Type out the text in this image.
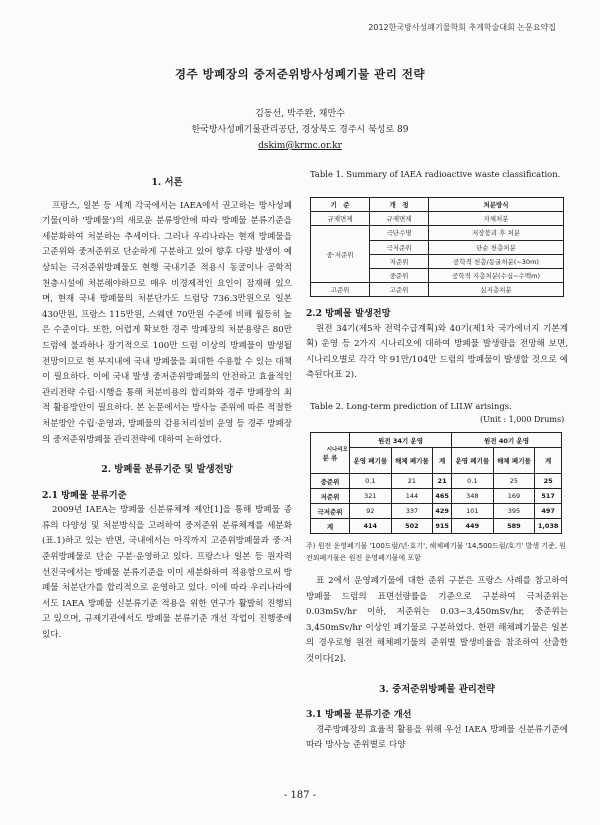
2012한국방사성폐기물학회 추계학술대회 논문요약집
경주 방폐장의 중저준위방사성폐기물 관리 전략
김동선, 박주완, 채만수
한국방사성폐기물관리공단, 경상북도 경주시 북성로 89
dskim@krmc.or.kr
1. 서론

프랑스, 일본 등 세계 각국에서는 IAEA에서 권고하는 방사성폐기물(이하 '방폐물')의 새로운 분류방안에 따라 방폐물 분류기준을 세분화하여 처분하는 추세이다. 그러나 우리나라는 현재 방폐물을 고준위와 중저준위로 단순하게 구분하고 있어 향후 다량 발생이 예상되는 극저준위방폐물도 현행 국내기준 적용시 동굴이나 공학적 천층시설에 처분해야하므로 매우 비경제적인 요인이 잠재해 있으며, 현재 국내 방폐물의 처분단가도 드럼당 736.3만원으로 일본 430만원, 프랑스 115만원, 스웨덴 70만원 수준에 비해 월등히 높은 수준이다. 또한, 어렵게 확보한 경주 방폐장의 처분용량은 80만 드럼에 불과하나 장기적으로 100만 드럼 이상의 방폐물이 발생될 전망이므로 현 부지내에 국내 방폐물을 최대한 수용할 수 있는 대책이 필요하다. 이에 국내 발생 중저준위방폐물의 안전하고 효율적인 관리전략 수립·시행을 통해 처분비용의 합리화와 경주 방폐장의 최적 활용방안이 필요하다. 본 논문에서는 방사능 준위에 따른 적절한 처분방안 수립·운영과, 방폐물의 감용처리설비 운영 등 경주 방폐장의 중저준위방폐물 관리전략에 대하여 논하였다.

2. 방폐물 분류기준 및 발생전망
2.1 방폐물 분류기준

2009년 IAEA는 방폐물 신분류체계 제안[1]을 통해 방폐물 종류의 다양성 및 처분방식을 고려하여 중저준위 분류체계를 세분화(표.1)하고 있는 반면, 국내에서는 아직까지 고준위방폐물과 중·저준위방폐물로 단순 구분·운영하고 있다. 프랑스나 일본 등 원자력 선진국에서는 방폐물 분류기준을 이미 세분화하여 적용함으로써 방폐물 처분단가를 합리적으로 운영하고 있다. 이에 따라 우리나라에서도 IAEA 방폐물 신분류기준 적용을 위한 연구가 활발히 진행되고 있으며, 규제기관에서도 방폐물 분류기준 개선 작업이 진행중에 있다.

Table 1. Summary of IAEA radioactive waste classification.
기　준	개　정	처분방식
규제면제	규제면제	자체처분
중·저준위	극단수명	저장붕괴 후 처분
	극저준위	단순 천층처분
	저준위	공학적 천층/동굴처분(~30m)
	중준위	공학적 지층처분(수십~수백m)
고준위	고준위	심지층처분
2.2 방폐물 발생전망

원전 34기(제5차 전력수급계획)와 40기(제1차 국가에너지 기본계획) 운영 등 2가지 시나리오에 대하여 방폐물 발생량을 전망해 보면, 시나리오별로 각각 약 91만/104만 드럼의 방폐물이 발생할 것으로 예측된다(표 2).

Table 2. Long-term prediction of LILW arisings.
(Unit : 1,000 Drums)
시나리오
분 류	원전 34기 운영			원전 40기 운영		
	운영 폐기물	해체 폐기물	계	운영 폐기물	해체 폐기물	계
중준위	0.1	21	21	0.1	25	25
저준위	321	144	465	348	169	517
극저준위	92	337	429	101	395	497
계	414	502	915	449	589	1,038
주) 원전 운영폐기물 '100드럼/년·호기', 해체폐기물 '14,500드럼/호기' 발생 기준, 원전외폐기물은 원전 운영폐기물에 포함

표 2에서 운영폐기물에 대한 준위 구분은 프랑스 사례를 참고하여 방폐물 드럼의 표면선량률을 기준으로 구분하여 극저준위는 0.03mSv/hr 이하, 저준위는 0.03~3,450mSv/hr, 중준위는 3,450mSv/hr 이상인 폐기물로 구분하였다. 한편 해체폐기물은 일본의 경우로형 원전 해체폐기물의 준위별 발생비율을 참조하여 산출한 것이다[2].

3. 중저준위방폐물 관리전략
3.1 방폐물 분류기준 개선

경주방폐장의 효율적 활용을 위해 우선 IAEA 방폐물 신분류기준에 따라 방사능 준위별로 다양

- 187 -
